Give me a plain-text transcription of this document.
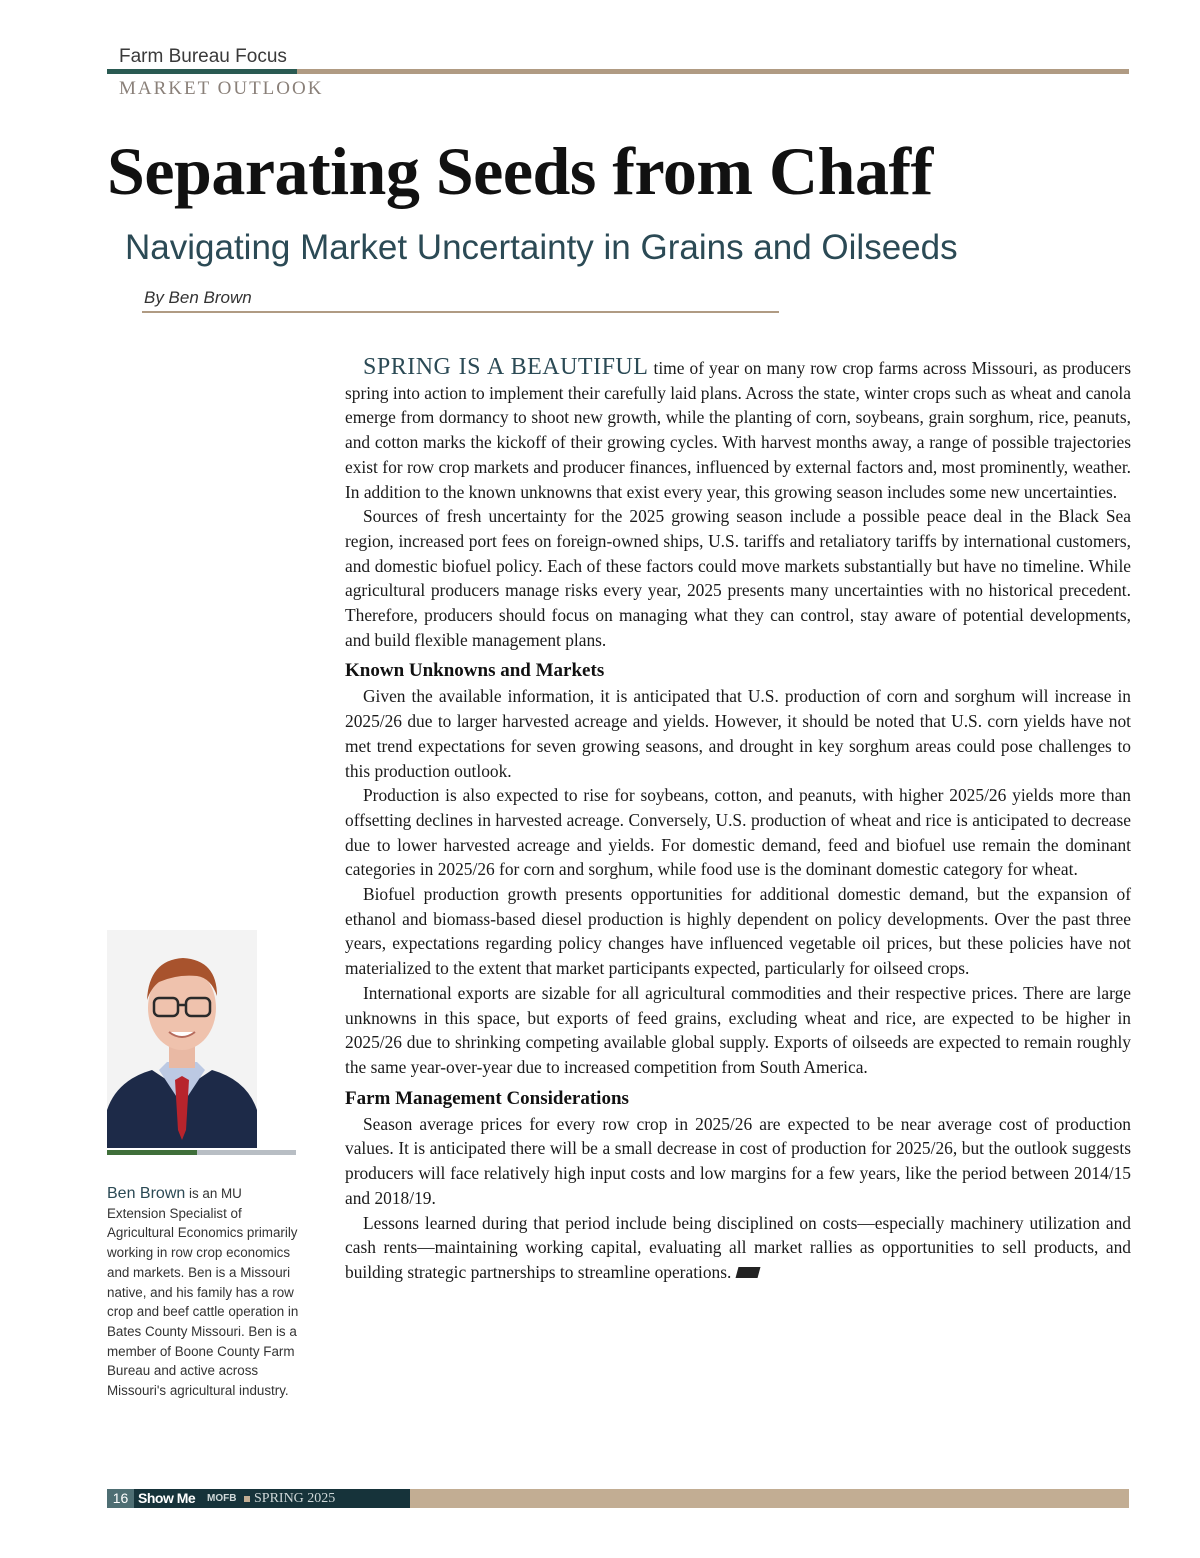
Farm Bureau Focus
MARKET OUTLOOK
Separating Seeds from Chaff
Navigating Market Uncertainty in Grains and Oilseeds
By Ben Brown
Ben Brown is an MU Extension Specialist of Agricultural Economics primarily working in row crop economics and markets. Ben is a Missouri native, and his family has a row crop and beef cattle operation in Bates County Missouri. Ben is a member of Boone County Farm Bureau and active across Missouri's agricultural industry.

SPRING IS A BEAUTIFUL time of year on many row crop farms across Missouri, as producers spring into action to implement their carefully laid plans. Across the state, winter crops such as wheat and canola emerge from dormancy to shoot new growth, while the planting of corn, soybeans, grain sorghum, rice, peanuts, and cotton marks the kickoff of their growing cycles. With harvest months away, a range of possible trajectories exist for row crop markets and producer finances, influenced by external factors and, most prominently, weather. In addition to the known unknowns that exist every year, this growing season includes some new uncertainties.

Sources of fresh uncertainty for the 2025 growing season include a possible peace deal in the Black Sea region, increased port fees on foreign-owned ships, U.S. tariffs and retaliatory tariffs by international customers, and domestic biofuel policy. Each of these factors could move markets substantially but have no timeline. While agricultural producers manage risks every year, 2025 presents many uncertainties with no historical precedent. Therefore, producers should focus on managing what they can control, stay aware of potential developments, and build flexible management plans.

Known Unknowns and Markets

Given the available information, it is anticipated that U.S. production of corn and sorghum will increase in 2025/26 due to larger harvested acreage and yields. However, it should be noted that U.S. corn yields have not met trend expectations for seven growing seasons, and drought in key sorghum areas could pose challenges to this production outlook.

Production is also expected to rise for soybeans, cotton, and peanuts, with higher 2025/26 yields more than offsetting declines in harvested acreage. Conversely, U.S. production of wheat and rice is anticipated to decrease due to lower harvested acreage and yields. For domestic demand, feed and biofuel use remain the dominant categories in 2025/26 for corn and sorghum, while food use is the dominant domestic category for wheat.

Biofuel production growth presents opportunities for additional domestic demand, but the expansion of ethanol and biomass-based diesel production is highly dependent on policy developments. Over the past three years, expectations regarding policy changes have influenced vegetable oil prices, but these policies have not materialized to the extent that market participants expected, particularly for oilseed crops.

International exports are sizable for all agricultural commodities and their respective prices. There are large unknowns in this space, but exports of feed grains, excluding wheat and rice, are expected to be higher in 2025/26 due to shrinking competing available global supply. Exports of oilseeds are expected to remain roughly the same year-over-year due to increased competition from South America.

Farm Management Considerations

Season average prices for every row crop in 2025/26 are expected to be near average cost of production values. It is anticipated there will be a small decrease in cost of production for 2025/26, but the outlook suggests producers will face relatively high input costs and low margins for a few years, like the period between 2014/15 and 2018/19.

Lessons learned during that period include being disciplined on costs—especially machinery utilization and cash rents—maintaining working capital, evaluating all market rallies as opportunities to sell products, and building strategic partnerships to streamline operations.

16 Show Me MOFB SPRING 2025
